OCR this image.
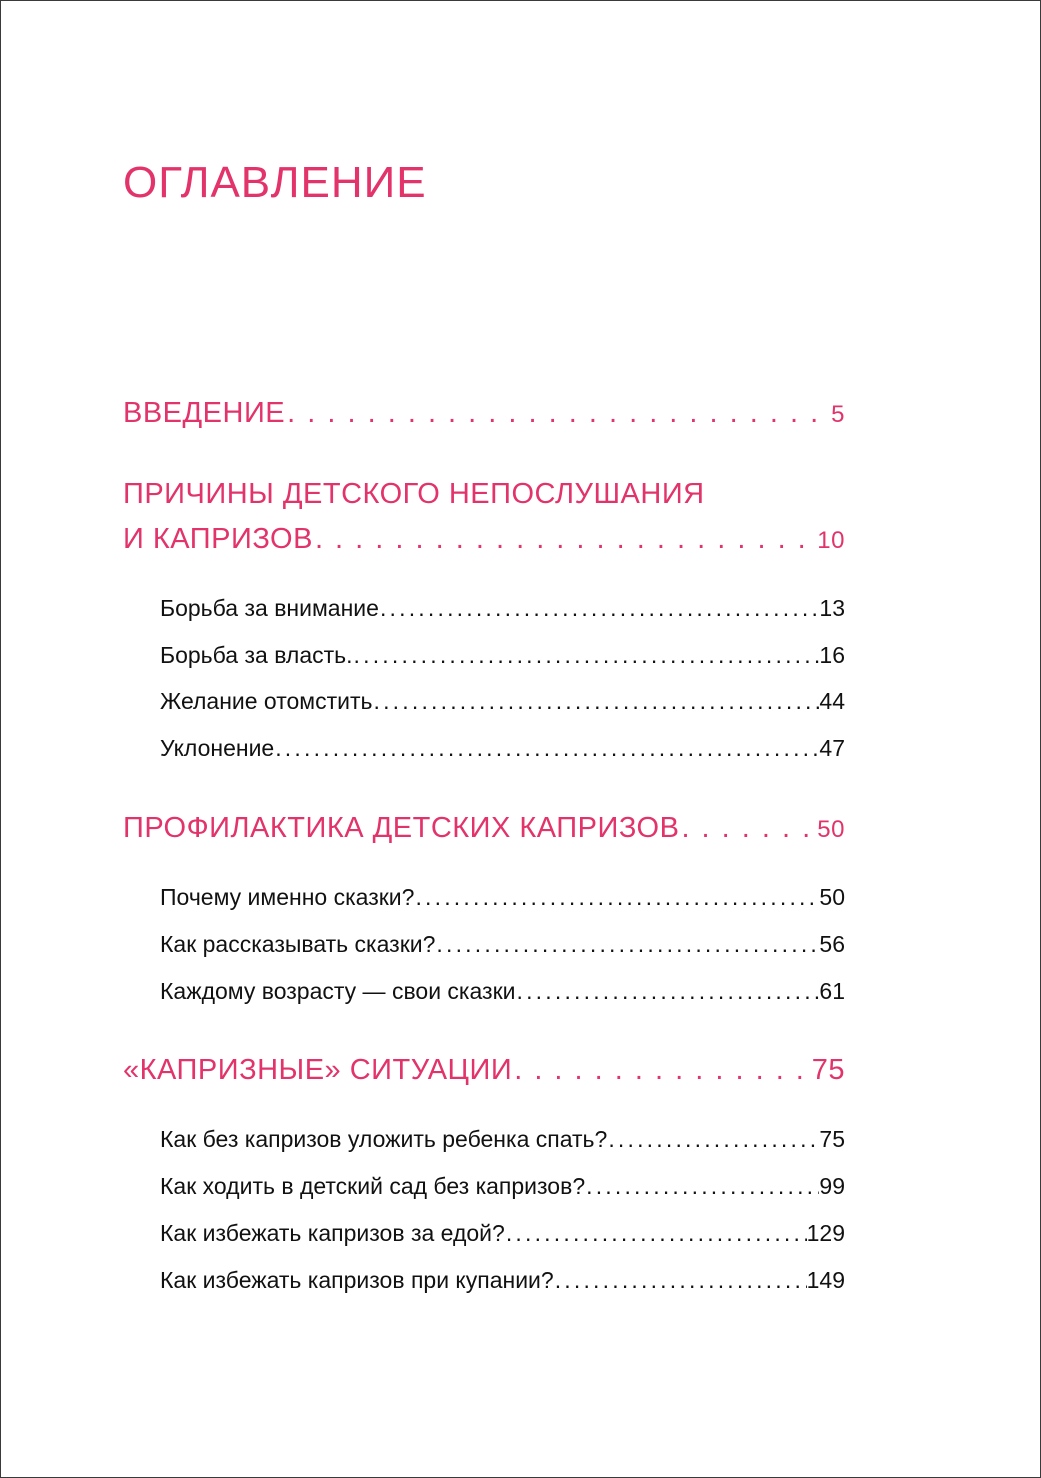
ОГЛАВЛЕНИЕ
ВВЕДЕНИЕ . . .	5
ПРИЧИНЫ ДЕТСКОГО НЕПОСЛУШАНИЯ
И КАПРИЗОВ . . .	10
Борьба за внимание .....	13
Борьба за власть. .....	16
Желание отомстить .....	44
Уклонение .....	47
ПРОФИЛАКТИКА ДЕТСКИХ КАПРИЗОВ . . .	50
Почему именно сказки? .....	50
Как рассказывать сказки? .....	56
Каждому возрасту — свои сказки .....	61
«КАПРИЗНЫЕ» СИТУАЦИИ . . .	75
Как без капризов уложить ребенка спать? .....	75
Как ходить в детский сад без капризов? .....	99
Как избежать капризов за едой? .....	129
Как избежать капризов при купании? .....	149
